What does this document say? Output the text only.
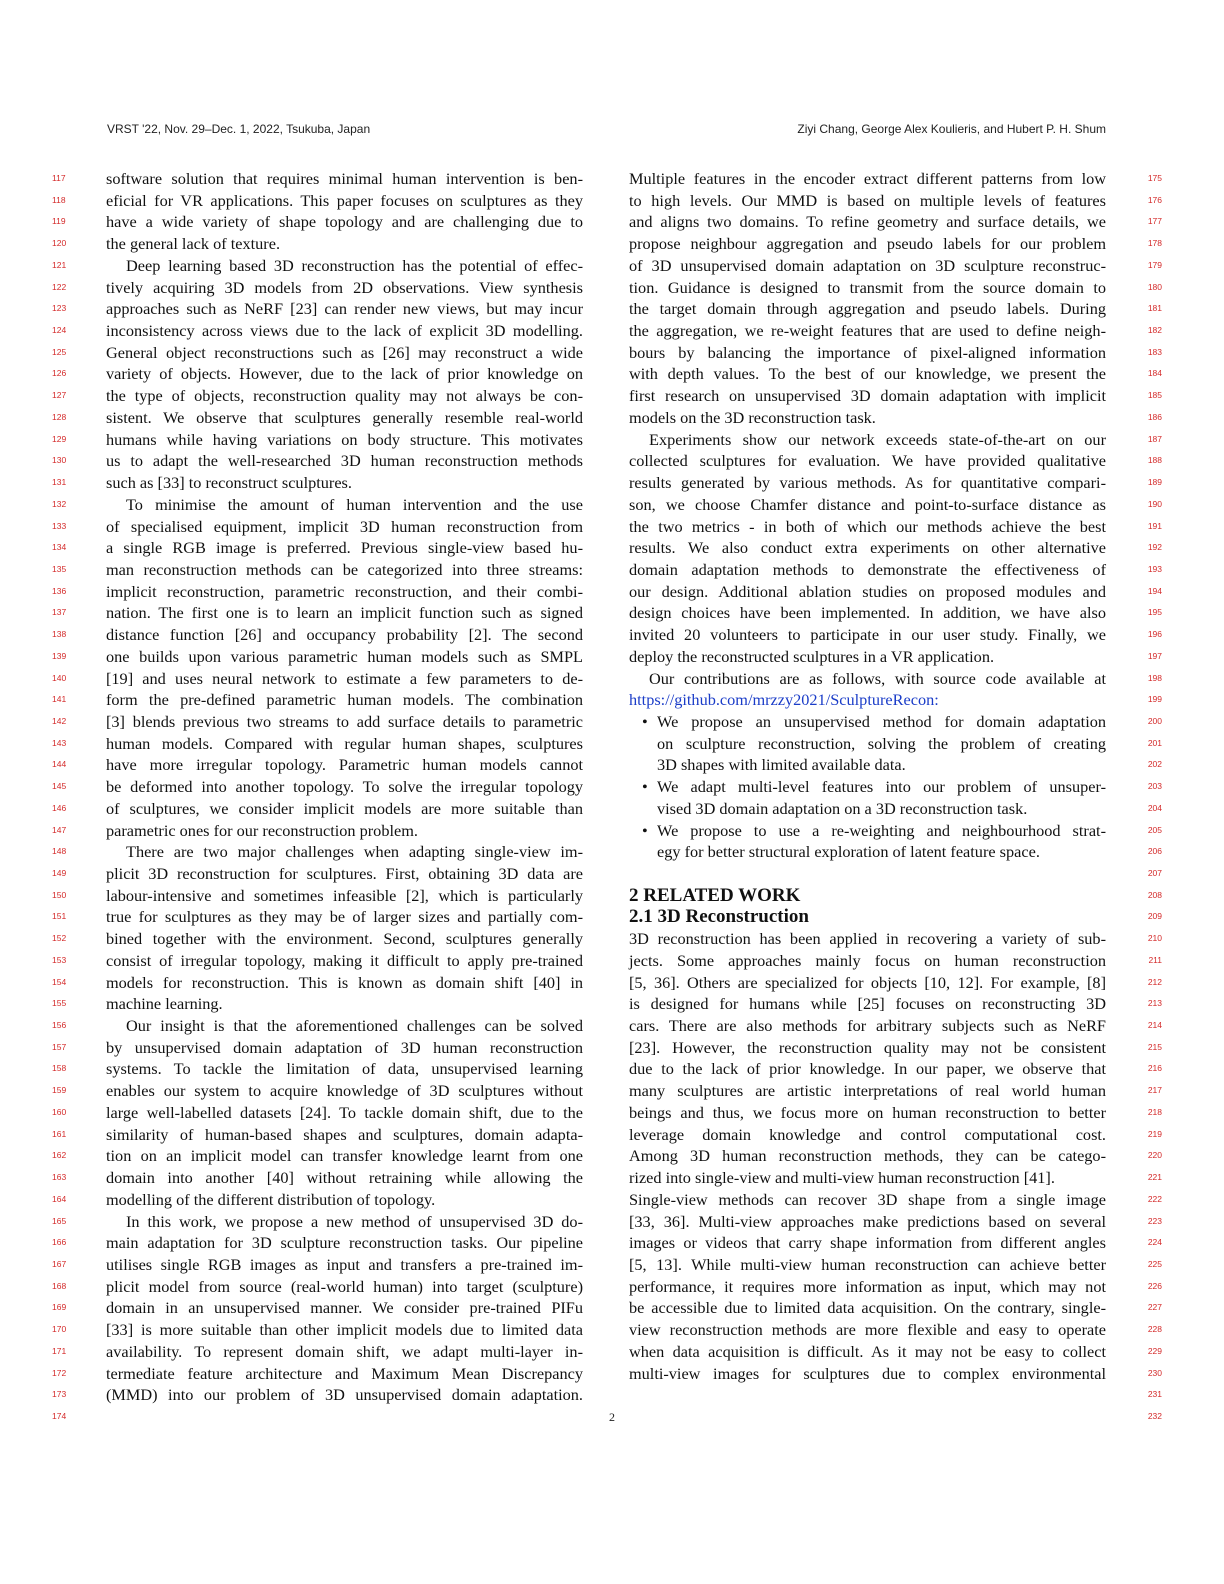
VRST '22, Nov. 29–Dec. 1, 2022, Tsukuba, Japan	Ziyi Chang, George Alex Koulieris, and Hubert P. H. Shum
117
118
119
120
121
122
123
124
125
126
127
128
129
130
131
132
133
134
135
136
137
138
139
140
141
142
143
144
145
146
147
148
149
150
151
152
153
154
155
156
157
158
159
160
161
162
163
164
165
166
167
168
169
170
171
172
173
174
175
176
177
178
179
180
181
182
183
184
185
186
187
188
189
190
191
192
193
194
195
196
197
198
199
200
201
202
203
204
205
206
207
208
209
210
211
212
213
214
215
216
217
218
219
220
221
222
223
224
225
226
227
228
229
230
231
232
software solution that requires minimal human intervention is ben-
eficial for VR applications. This paper focuses on sculptures as they
have a wide variety of shape topology and are challenging due to
the general lack of texture.
Deep learning based 3D reconstruction has the potential of effec-
tively acquiring 3D models from 2D observations. View synthesis
approaches such as NeRF [23] can render new views, but may incur
inconsistency across views due to the lack of explicit 3D modelling.
General object reconstructions such as [26] may reconstruct a wide
variety of objects. However, due to the lack of prior knowledge on
the type of objects, reconstruction quality may not always be con-
sistent. We observe that sculptures generally resemble real-world
humans while having variations on body structure. This motivates
us to adapt the well-researched 3D human reconstruction methods
such as [33] to reconstruct sculptures.
To minimise the amount of human intervention and the use
of specialised equipment, implicit 3D human reconstruction from
a single RGB image is preferred. Previous single-view based hu-
man reconstruction methods can be categorized into three streams:
implicit reconstruction, parametric reconstruction, and their combi-
nation. The first one is to learn an implicit function such as signed
distance function [26] and occupancy probability [2]. The second
one builds upon various parametric human models such as SMPL
[19] and uses neural network to estimate a few parameters to de-
form the pre-defined parametric human models. The combination
[3] blends previous two streams to add surface details to parametric
human models. Compared with regular human shapes, sculptures
have more irregular topology. Parametric human models cannot
be deformed into another topology. To solve the irregular topology
of sculptures, we consider implicit models are more suitable than
parametric ones for our reconstruction problem.
There are two major challenges when adapting single-view im-
plicit 3D reconstruction for sculptures. First, obtaining 3D data are
labour-intensive and sometimes infeasible [2], which is particularly
true for sculptures as they may be of larger sizes and partially com-
bined together with the environment. Second, sculptures generally
consist of irregular topology, making it difficult to apply pre-trained
models for reconstruction. This is known as domain shift [40] in
machine learning.
Our insight is that the aforementioned challenges can be solved
by unsupervised domain adaptation of 3D human reconstruction
systems. To tackle the limitation of data, unsupervised learning
enables our system to acquire knowledge of 3D sculptures without
large well-labelled datasets [24]. To tackle domain shift, due to the
similarity of human-based shapes and sculptures, domain adapta-
tion on an implicit model can transfer knowledge learnt from one
domain into another [40] without retraining while allowing the
modelling of the different distribution of topology.
In this work, we propose a new method of unsupervised 3D do-
main adaptation for 3D sculpture reconstruction tasks. Our pipeline
utilises single RGB images as input and transfers a pre-trained im-
plicit model from source (real-world human) into target (sculpture)
domain in an unsupervised manner. We consider pre-trained PIFu
[33] is more suitable than other implicit models due to limited data
availability. To represent domain shift, we adapt multi-layer in-
termediate feature architecture and Maximum Mean Discrepancy
(MMD) into our problem of 3D unsupervised domain adaptation.
Multiple features in the encoder extract different patterns from low
to high levels. Our MMD is based on multiple levels of features
and aligns two domains. To refine geometry and surface details, we
propose neighbour aggregation and pseudo labels for our problem
of 3D unsupervised domain adaptation on 3D sculpture reconstruc-
tion. Guidance is designed to transmit from the source domain to
the target domain through aggregation and pseudo labels. During
the aggregation, we re-weight features that are used to define neigh-
bours by balancing the importance of pixel-aligned information
with depth values. To the best of our knowledge, we present the
first research on unsupervised 3D domain adaptation with implicit
models on the 3D reconstruction task.
Experiments show our network exceeds state-of-the-art on our
collected sculptures for evaluation. We have provided qualitative
results generated by various methods. As for quantitative compari-
son, we choose Chamfer distance and point-to-surface distance as
the two metrics - in both of which our methods achieve the best
results. We also conduct extra experiments on other alternative
domain adaptation methods to demonstrate the effectiveness of
our design. Additional ablation studies on proposed modules and
design choices have been implemented. In addition, we have also
invited 20 volunteers to participate in our user study. Finally, we
deploy the reconstructed sculptures in a VR application.
Our contributions are as follows, with source code available at
https://github.com/mrzzy2021/SculptureRecon:
• We propose an unsupervised method for domain adaptation
on sculpture reconstruction, solving the problem of creating
3D shapes with limited available data.
• We adapt multi-level features into our problem of unsuper-
vised 3D domain adaptation on a 3D reconstruction task.
• We propose to use a re-weighting and neighbourhood strat-
egy for better structural exploration of latent feature space.
2 RELATED WORK
2.1 3D Reconstruction
3D reconstruction has been applied in recovering a variety of sub-
jects. Some approaches mainly focus on human reconstruction
[5, 36]. Others are specialized for objects [10, 12]. For example, [8]
is designed for humans while [25] focuses on reconstructing 3D
cars. There are also methods for arbitrary subjects such as NeRF
[23]. However, the reconstruction quality may not be consistent
due to the lack of prior knowledge. In our paper, we observe that
many sculptures are artistic interpretations of real world human
beings and thus, we focus more on human reconstruction to better
leverage domain knowledge and control computational cost.
Among 3D human reconstruction methods, they can be catego-
rized into single-view and multi-view human reconstruction [41].
Single-view methods can recover 3D shape from a single image
[33, 36]. Multi-view approaches make predictions based on several
images or videos that carry shape information from different angles
[5, 13]. While multi-view human reconstruction can achieve better
performance, it requires more information as input, which may not
be accessible due to limited data acquisition. On the contrary, single-
view reconstruction methods are more flexible and easy to operate
when data acquisition is difficult. As it may not be easy to collect
multi-view images for sculptures due to complex environmental
2
